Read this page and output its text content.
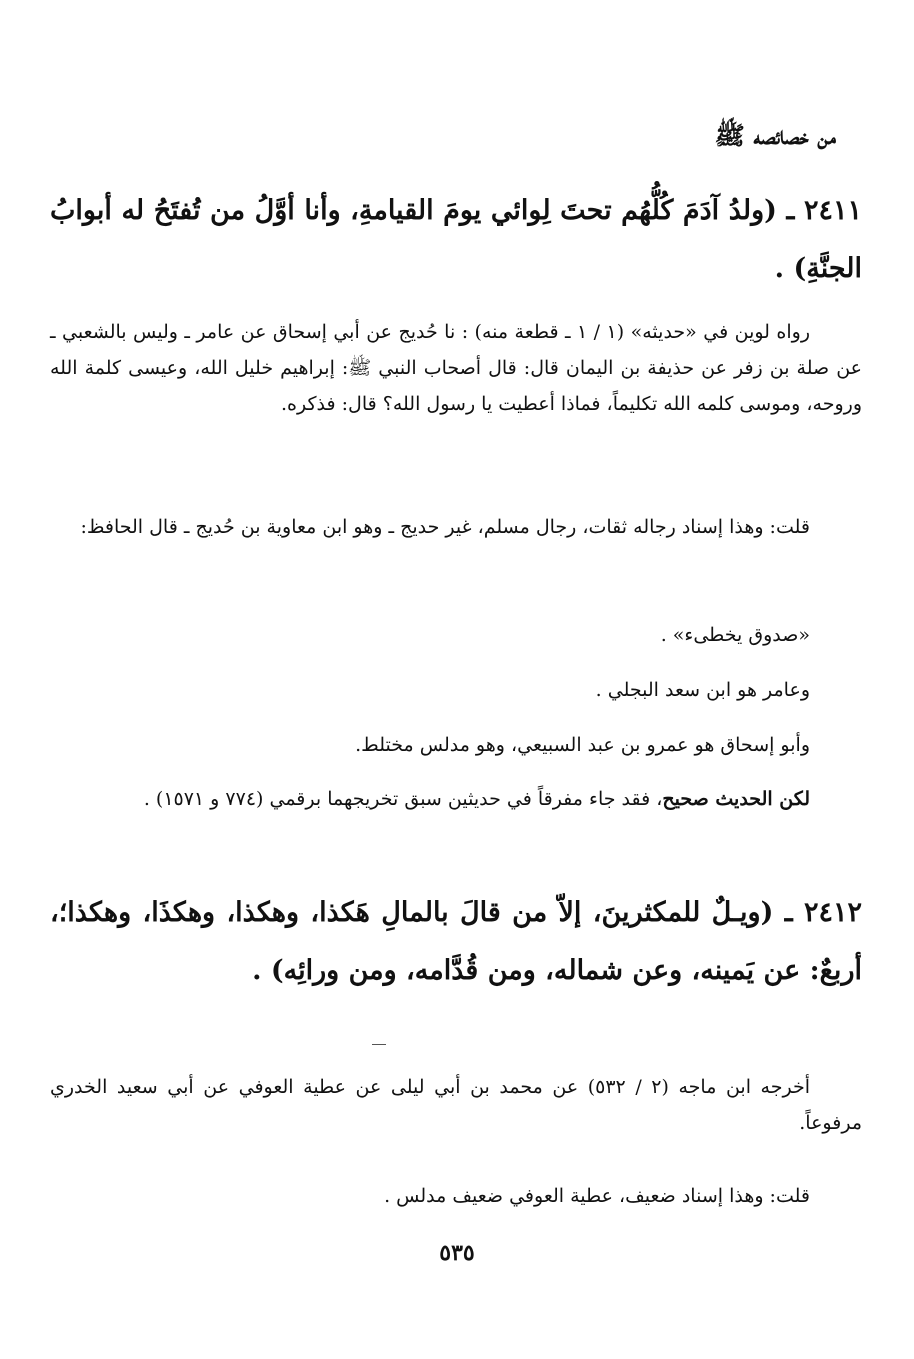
من خصائصه ﷺ
٢٤١١ ـ (ولدُ آدَمَ كُلُّهُم تحتَ لِوائي يومَ القيامةِ، وأنا أوَّلُ من تُفتَحُ له أبوابُ الجنَّةِ) .
رواه لوين في «حديثه» (١ / ١ ـ قطعة منه) : نا حُديج عن أبي إسحاق عن عامر ـ وليس بالشعبي ـ عن صلة بن زفر عن حذيفة بن اليمان قال: قال أصحاب النبي ﷺ: إبراهيم خليل الله، وعيسى كلمة الله وروحه، وموسى كلمه الله تكليماً، فماذا أعطيت يا رسول الله؟ قال: فذكره.
قلت: وهذا إسناد رجاله ثقات، رجال مسلم، غير حديج ـ وهو ابن معاوية بن حُديج ـ قال الحافظ:
«صدوق يخطىء» .
وعامر هو ابن سعد البجلي .
وأبو إسحاق هو عمرو بن عبد السبيعي، وهو مدلس مختلط.
لكن الحديث صحيح، فقد جاء مفرقاً في حديثين سبق تخريجهما برقمي (٧٧٤ و ١٥٧١) .
٢٤١٢ ـ (ويـلٌ للمكثرينَ، إلاّ من قالَ بالمالِ هَكذا، وهكذا، وهكذَا، وهكذا؛، أربعٌ: عن يَمينه، وعن شماله، ومن قُدَّامه، ومن ورائِه) .
أخرجه ابن ماجه (٢ / ٥٣٢) عن محمد بن أبي ليلى عن عطية العوفي عن أبي سعيد الخدري مرفوعاً.
قلت: وهذا إسناد ضعيف، عطية العوفي ضعيف مدلس .
٥٣٥
